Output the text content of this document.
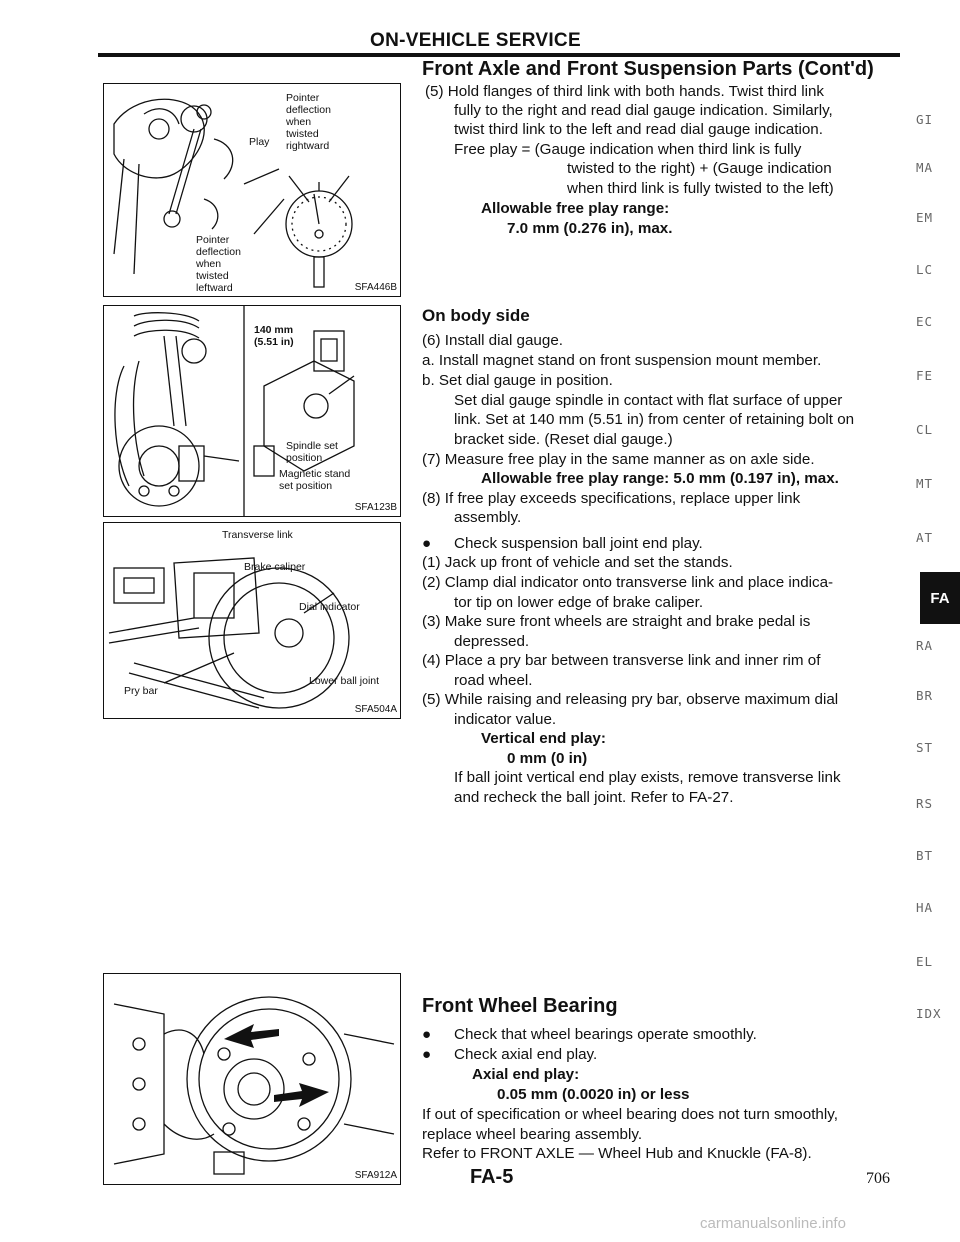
ON-VEHICLE SERVICE
Front Axle and Front Suspension Parts (Cont'd)
Pointer
deflection
when
twisted
rightward
Play
Pointer
deflection
when
twisted
leftward	SFA446B
140 mm
(5.51 in)
Spindle set
position
Magnetic stand
set position
SFA123B
Transverse link
Brake caliper
Dial indicator
Lower ball joint
Pry bar
SFA504A
SFA912A
(5) Hold flanges of third link with both hands. Twist third link
fully to the right and read dial gauge indication. Similarly,
twist third link to the left and read dial gauge indication.
Free play = (Gauge indication when third link is fully
twisted to the right) + (Gauge indication
when third link is fully twisted to the left)
Allowable free play range:
7.0 mm (0.276 in), max.
On body side
(6) Install dial gauge.
a. Install magnet stand on front suspension mount member.
b. Set dial gauge in position.
Set dial gauge spindle in contact with flat surface of upper
link. Set at 140 mm (5.51 in) from center of retaining bolt on
bracket side. (Reset dial gauge.)
(7) Measure free play in the same manner as on axle side.
Allowable free play range: 5.0 mm (0.197 in), max.
(8) If free play exceeds specifications, replace upper link
assembly.
● Check suspension ball joint end play.
(1) Jack up front of vehicle and set the stands.
(2) Clamp dial indicator onto transverse link and place indica-
tor tip on lower edge of brake caliper.
(3) Make sure front wheels are straight and brake pedal is
depressed.
(4) Place a pry bar between transverse link and inner rim of
road wheel.
(5) While raising and releasing pry bar, observe maximum dial
indicator value.
Vertical end play:
0 mm (0 in)
If ball joint vertical end play exists, remove transverse link
and recheck the ball joint. Refer to FA-27.
Front Wheel Bearing
● Check that wheel bearings operate smoothly.
● Check axial end play.
Axial end play:
0.05 mm (0.0020 in) or less
If out of specification or wheel bearing does not turn smoothly,
replace wheel bearing assembly.
Refer to FRONT AXLE — Wheel Hub and Knuckle (FA-8).
GI
MA
EM
LC
EC
FE
CL
MT
AT
FA
RA
BR
ST
RS
BT
HA
EL
IDX
FA-5	706
carmanualsonline.info
